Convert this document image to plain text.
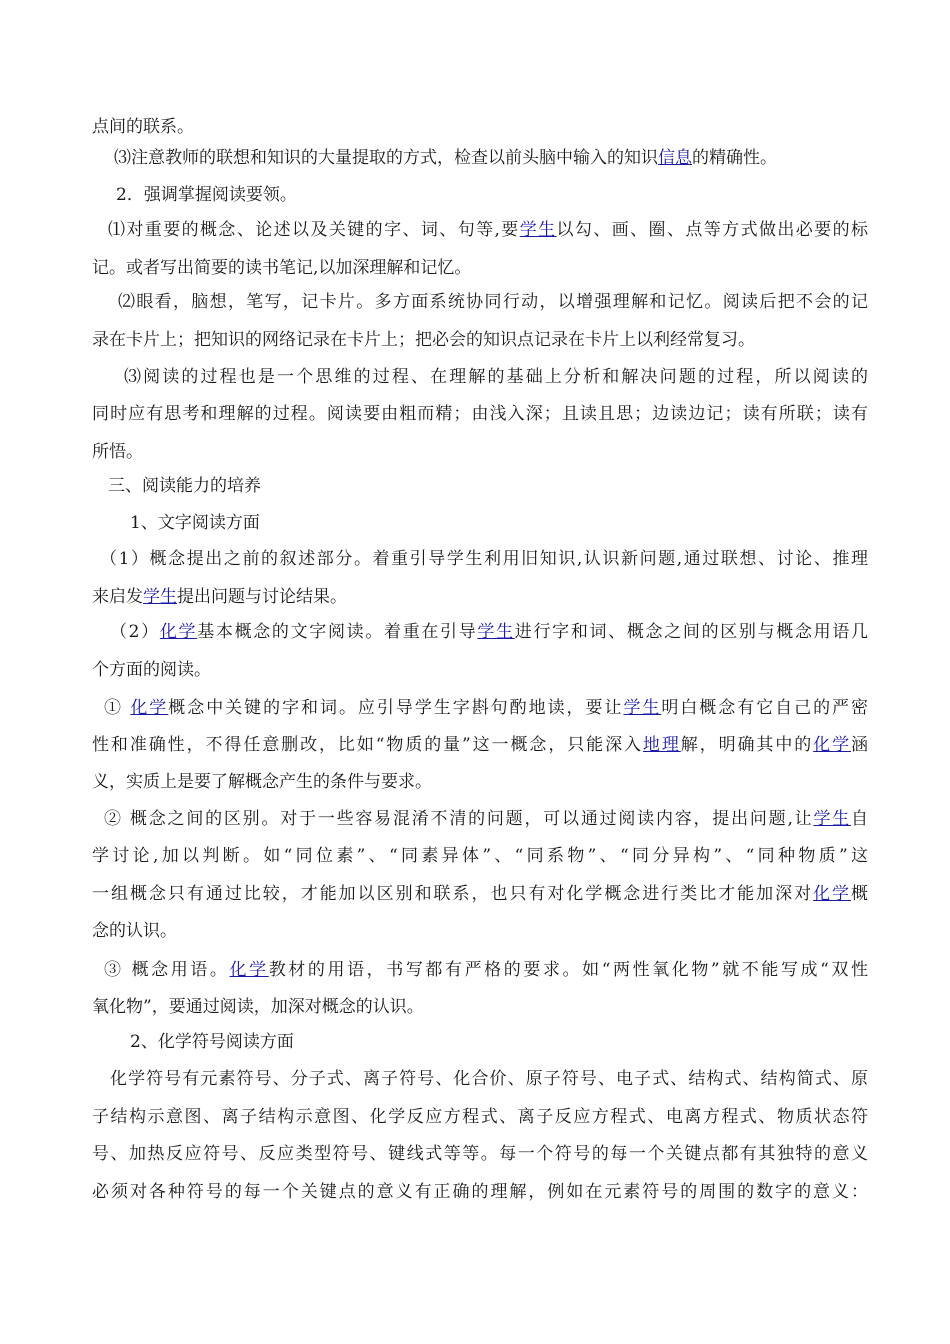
点间的联系。
⑶注意教师的联想和知识的大量提取的方式，检查以前头脑中输入的知识信息的精确性。
2．强调掌握阅读要领。
⑴对重要的概念、论述以及关键的字、词、句等,要学生以勾、画、圈、点等方式做出必要的标
记。或者写出简要的读书笔记,以加深理解和记忆。
⑵眼看，脑想，笔写，记卡片。多方面系统协同行动，以增强理解和记忆。阅读后把不会的记
录在卡片上；把知识的网络记录在卡片上；把必会的知识点记录在卡片上以利经常复习。
⑶阅读的过程也是一个思维的过程、在理解的基础上分析和解决问题的过程，所以阅读的
同时应有思考和理解的过程。阅读要由粗而精；由浅入深；且读且思；边读边记；读有所联；读有
所悟。
三、阅读能力的培养
1、文字阅读方面
（1）概念提出之前的叙述部分。着重引导学生利用旧知识,认识新问题,通过联想、讨论、推理
来启发学生提出问题与讨论结果。
（2）化学基本概念的文字阅读。着重在引导学生进行字和词、概念之间的区别与概念用语几
个方面的阅读。
① 化学概念中关键的字和词。应引导学生字斟句酌地读，要让学生明白概念有它自己的严密
性和准确性，不得任意删改，比如“物质的量”这一概念，只能深入地理解，明确其中的化学涵
义，实质上是要了解概念产生的条件与要求。
② 概念之间的区别。对于一些容易混淆不清的问题，可以通过阅读内容，提出问题,让学生自
学讨论,加以判断。如“同位素”、“同素异体”、“同系物”、“同分异构”、“同种物质”这
一组概念只有通过比较，才能加以区别和联系，也只有对化学概念进行类比才能加深对化学概
念的认识。
③ 概念用语。化学教材的用语，书写都有严格的要求。如“两性氧化物”就不能写成“双性
氧化物”，要通过阅读，加深对概念的认识。
2、化学符号阅读方面
化学符号有元素符号、分子式、离子符号、化合价、原子符号、电子式、结构式、结构简式、原
子结构示意图、离子结构示意图、化学反应方程式、离子反应方程式、电离方程式、物质状态符
号、加热反应符号、反应类型符号、键线式等等。每一个符号的每一个关键点都有其独特的意义
必须对各种符号的每一个关键点的意义有正确的理解，例如在元素符号的周围的数字的意义：
